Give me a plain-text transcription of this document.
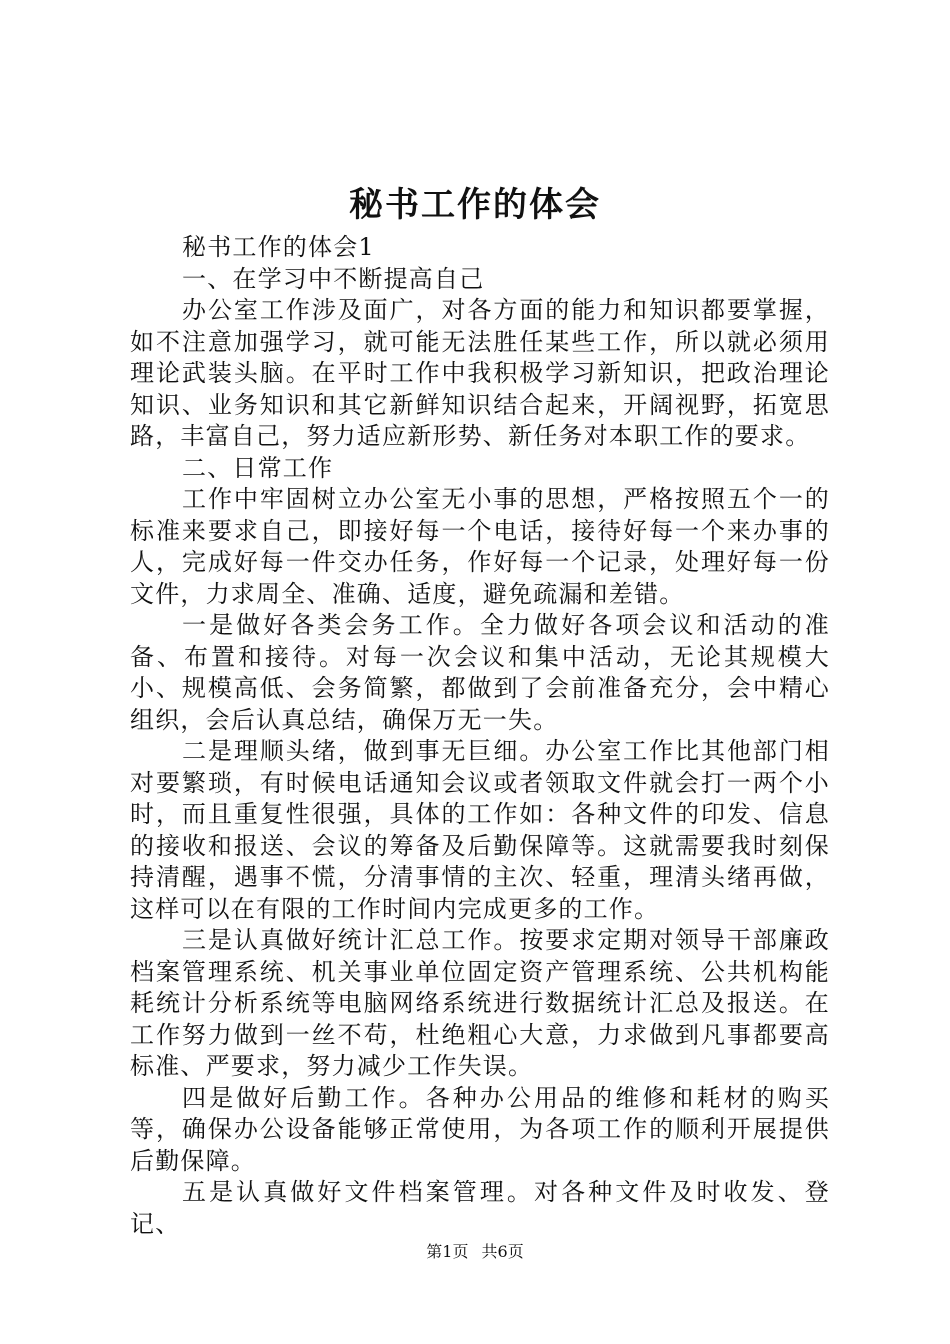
秘书工作的体会

秘书工作的体会1

一、在学习中不断提高自己

办公室工作涉及面广，对各方面的能力和知识都要掌握，如不注意加强学习，就可能无法胜任某些工作，所以就必须用理论武装头脑。在平时工作中我积极学习新知识，把政治理论知识、业务知识和其它新鲜知识结合起来，开阔视野，拓宽思路，丰富自己，努力适应新形势、新任务对本职工作的要求。

二、日常工作

工作中牢固树立办公室无小事的思想，严格按照五个一的标准来要求自己，即接好每一个电话，接待好每一个来办事的人，完成好每一件交办任务，作好每一个记录，处理好每一份文件，力求周全、准确、适度，避免疏漏和差错。

一是做好各类会务工作。全力做好各项会议和活动的准备、布置和接待。对每一次会议和集中活动，无论其规模大小、规模高低、会务简繁，都做到了会前准备充分，会中精心组织，会后认真总结，确保万无一失。

二是理顺头绪，做到事无巨细。办公室工作比其他部门相对要繁琐，有时候电话通知会议或者领取文件就会打一两个小时，而且重复性很强，具体的工作如：各种文件的印发、信息的接收和报送、会议的筹备及后勤保障等。这就需要我时刻保持清醒，遇事不慌，分清事情的主次、轻重，理清头绪再做，这样可以在有限的工作时间内完成更多的工作。

三是认真做好统计汇总工作。按要求定期对领导干部廉政档案管理系统、机关事业单位固定资产管理系统、公共机构能耗统计分析系统等电脑网络系统进行数据统计汇总及报送。在工作努力做到一丝不苟，杜绝粗心大意，力求做到凡事都要高标准、严要求，努力减少工作失误。

四是做好后勤工作。各种办公用品的维修和耗材的购买等，确保办公设备能够正常使用，为各项工作的顺利开展提供后勤保障。

五是认真做好文件档案管理。对各种文件及时收发、登记、

第1页 共6页
